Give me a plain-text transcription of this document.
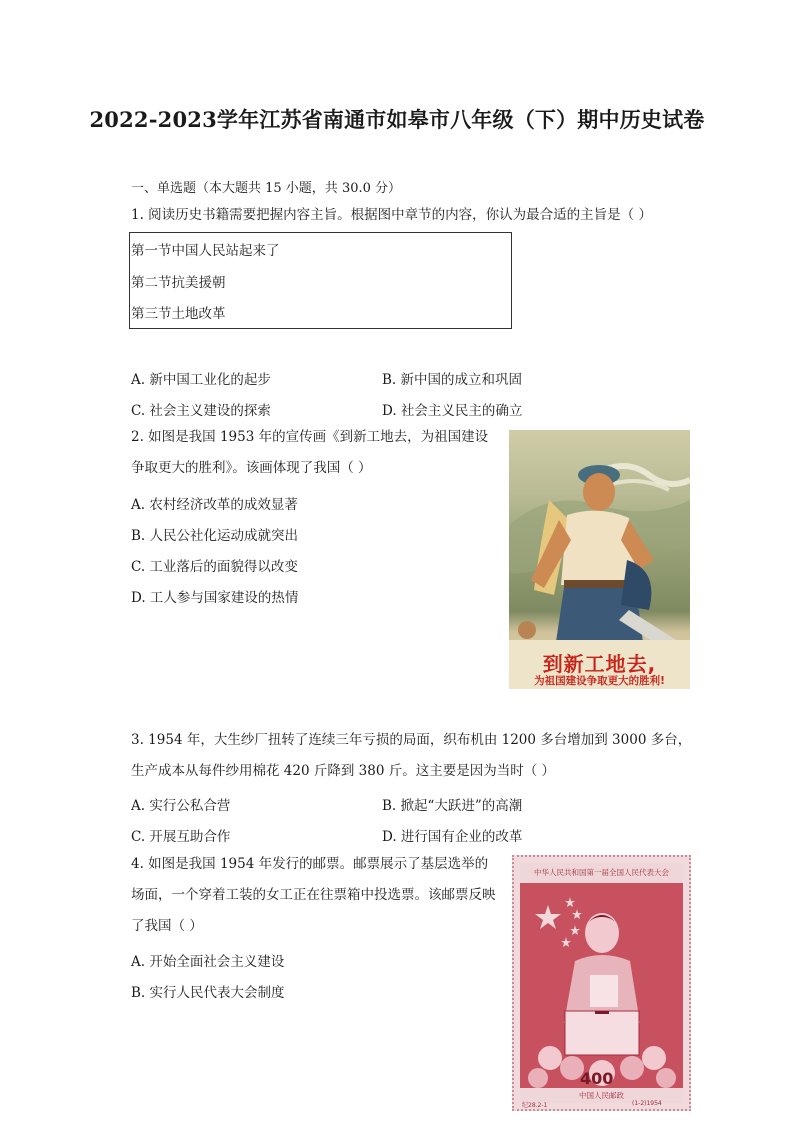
2022-2023学年江苏省南通市如皋市八年级（下）期中历史试卷
一、单选题（本大题共 15 小题，共 30.0 分）
1. 阅读历史书籍需要把握内容主旨。根据图中章节的内容，你认为最合适的主旨是（ ）
第一节中国人民站起来了
第二节抗美援朝
第三节土地改革
A. 新中国工业化的起步	B. 新中国的成立和巩固
C. 社会主义建设的探索	D. 社会主义民主的确立
2. 如图是我国 1953 年的宣传画《到新工地去，为祖国建设
争取更大的胜利》。该画体现了我国（ ）
A. 农村经济改革的成效显著
B. 人民公社化运动成就突出
C. 工业落后的面貌得以改变
D. 工人参与国家建设的热情
到新工地去,
为祖国建设争取更大的胜利!
3. 1954 年，大生纱厂扭转了连续三年亏损的局面，织布机由 1200 多台增加到 3000 多台，
生产成本从每件纱用棉花 420 斤降到 380 斤。这主要是因为当时（ ）
A. 实行公私合营	B. 掀起“大跃进”的高潮
C. 开展互助合作	D. 进行国有企业的改革
4. 如图是我国 1954 年发行的邮票。邮票展示了基层选举的
场面，一个穿着工装的女工正在往票箱中投选票。该邮票反映
了我国（ ）
A. 开始全面社会主义建设
B. 实行人民代表大会制度
中华人民共和国第一届全国人民代表大会
400
中国人民邮政
纪28.2-1	(1-2)1954
